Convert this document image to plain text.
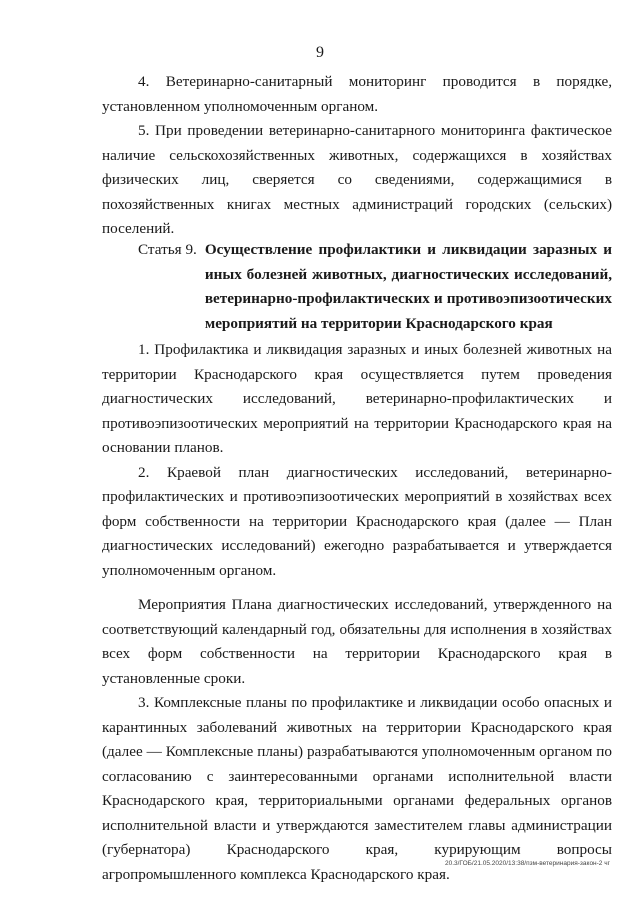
9

4. Ветеринарно-санитарный мониторинг проводится в порядке, установленном уполномоченным органом.

5. При проведении ветеринарно-санитарного мониторинга фактическое наличие сельскохозяйственных животных, содержащихся в хозяйствах физических лиц, сверяется со сведениями, содержащимися в похозяйственных книгах местных администраций городских (сельских) поселений.

Статья 9. Осуществление профилактики и ликвидации заразных и иных болезней животных, диагностических исследований, ветеринарно-профилактических и противоэпизоотических мероприятий на территории Краснодарского края

1. Профилактика и ликвидация заразных и иных болезней животных на территории Краснодарского края осуществляется путем проведения диагностических исследований, ветеринарно-профилактических и противоэпизоотических мероприятий на территории Краснодарского края на основании планов.

2. Краевой план диагностических исследований, ветеринарно-профилактических и противоэпизоотических мероприятий в хозяйствах всех форм собственности на территории Краснодарского края (далее — План диагностических исследований) ежегодно разрабатывается и утверждается уполномоченным органом.

Мероприятия Плана диагностических исследований, утвержденного на соответствующий календарный год, обязательны для исполнения в хозяйствах всех форм собственности на территории Краснодарского края в установленные сроки.

3. Комплексные планы по профилактике и ликвидации особо опасных и карантинных заболеваний животных на территории Краснодарского края (далее — Комплексные планы) разрабатываются уполномоченным органом по согласованию с заинтересованными органами исполнительной власти Краснодарского края, территориальными органами федеральных органов исполнительной власти и утверждаются заместителем главы администрации (губернатора) Краснодарского края, курирующим вопросы агропромышленного комплекса Краснодарского края.

20.3/ГОБ/21.05.2020/13:38/пзм-ветеринария-закон-2 чг
